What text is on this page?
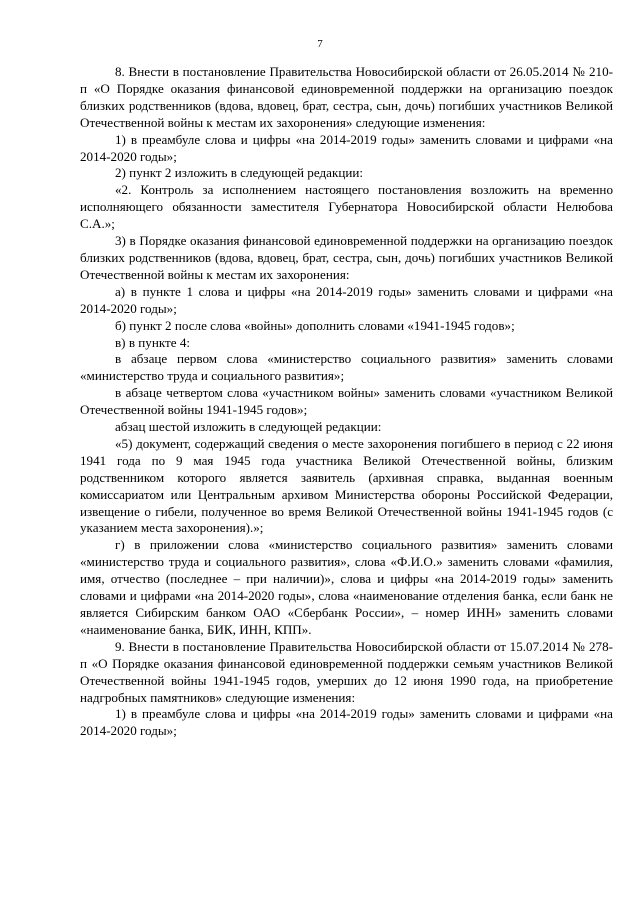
7

8. Внести в постановление Правительства Новосибирской области от 26.05.2014 № 210-п «О Порядке оказания финансовой единовременной поддержки на организацию поездок близких родственников (вдова, вдовец, брат, сестра, сын, дочь) погибших участников Великой Отечественной войны к местам их захоронения» следующие изменения:

1) в преамбуле слова и цифры «на 2014-2019 годы» заменить словами и цифрами «на 2014-2020 годы»;

2) пункт 2 изложить в следующей редакции:

«2. Контроль за исполнением настоящего постановления возложить на временно исполняющего обязанности заместителя Губернатора Новосибирской области Нелюбова С.А.»;

3) в Порядке оказания финансовой единовременной поддержки на организацию поездок близких родственников (вдова, вдовец, брат, сестра, сын, дочь) погибших участников Великой Отечественной войны к местам их захоронения:

а) в пункте 1 слова и цифры «на 2014-2019 годы» заменить словами и цифрами «на 2014-2020 годы»;

б) пункт 2 после слова «войны» дополнить словами «1941-1945 годов»;

в) в пункте 4:

в абзаце первом слова «министерство социального развития» заменить словами «министерство труда и социального развития»;

в абзаце четвертом слова «участником войны» заменить словами «участником Великой Отечественной войны 1941-1945 годов»;

абзац шестой изложить в следующей редакции:

«5) документ, содержащий сведения о месте захоронения погибшего в период с 22 июня 1941 года по 9 мая 1945 года участника Великой Отечественной войны, близким родственником которого является заявитель (архивная справка, выданная военным комиссариатом или Центральным архивом Министерства обороны Российской Федерации, извещение о гибели, полученное во время Великой Отечественной войны 1941-1945 годов (с указанием места захоронения).»;

г) в приложении слова «министерство социального развития» заменить словами «министерство труда и социального развития», слова «Ф.И.О.» заменить словами «фамилия, имя, отчество (последнее – при наличии)», слова и цифры «на 2014-2019 годы» заменить словами и цифрами «на 2014-2020 годы», слова «наименование отделения банка, если банк не является Сибирским банком ОАО «Сбербанк России», – номер ИНН» заменить словами «наименование банка, БИК, ИНН, КПП».

9. Внести в постановление Правительства Новосибирской области от 15.07.2014 № 278-п «О Порядке оказания финансовой единовременной поддержки семьям участников Великой Отечественной войны 1941-1945 годов, умерших до 12 июня 1990 года, на приобретение надгробных памятников» следующие изменения:

1) в преамбуле слова и цифры «на 2014-2019 годы» заменить словами и цифрами «на 2014-2020 годы»;
